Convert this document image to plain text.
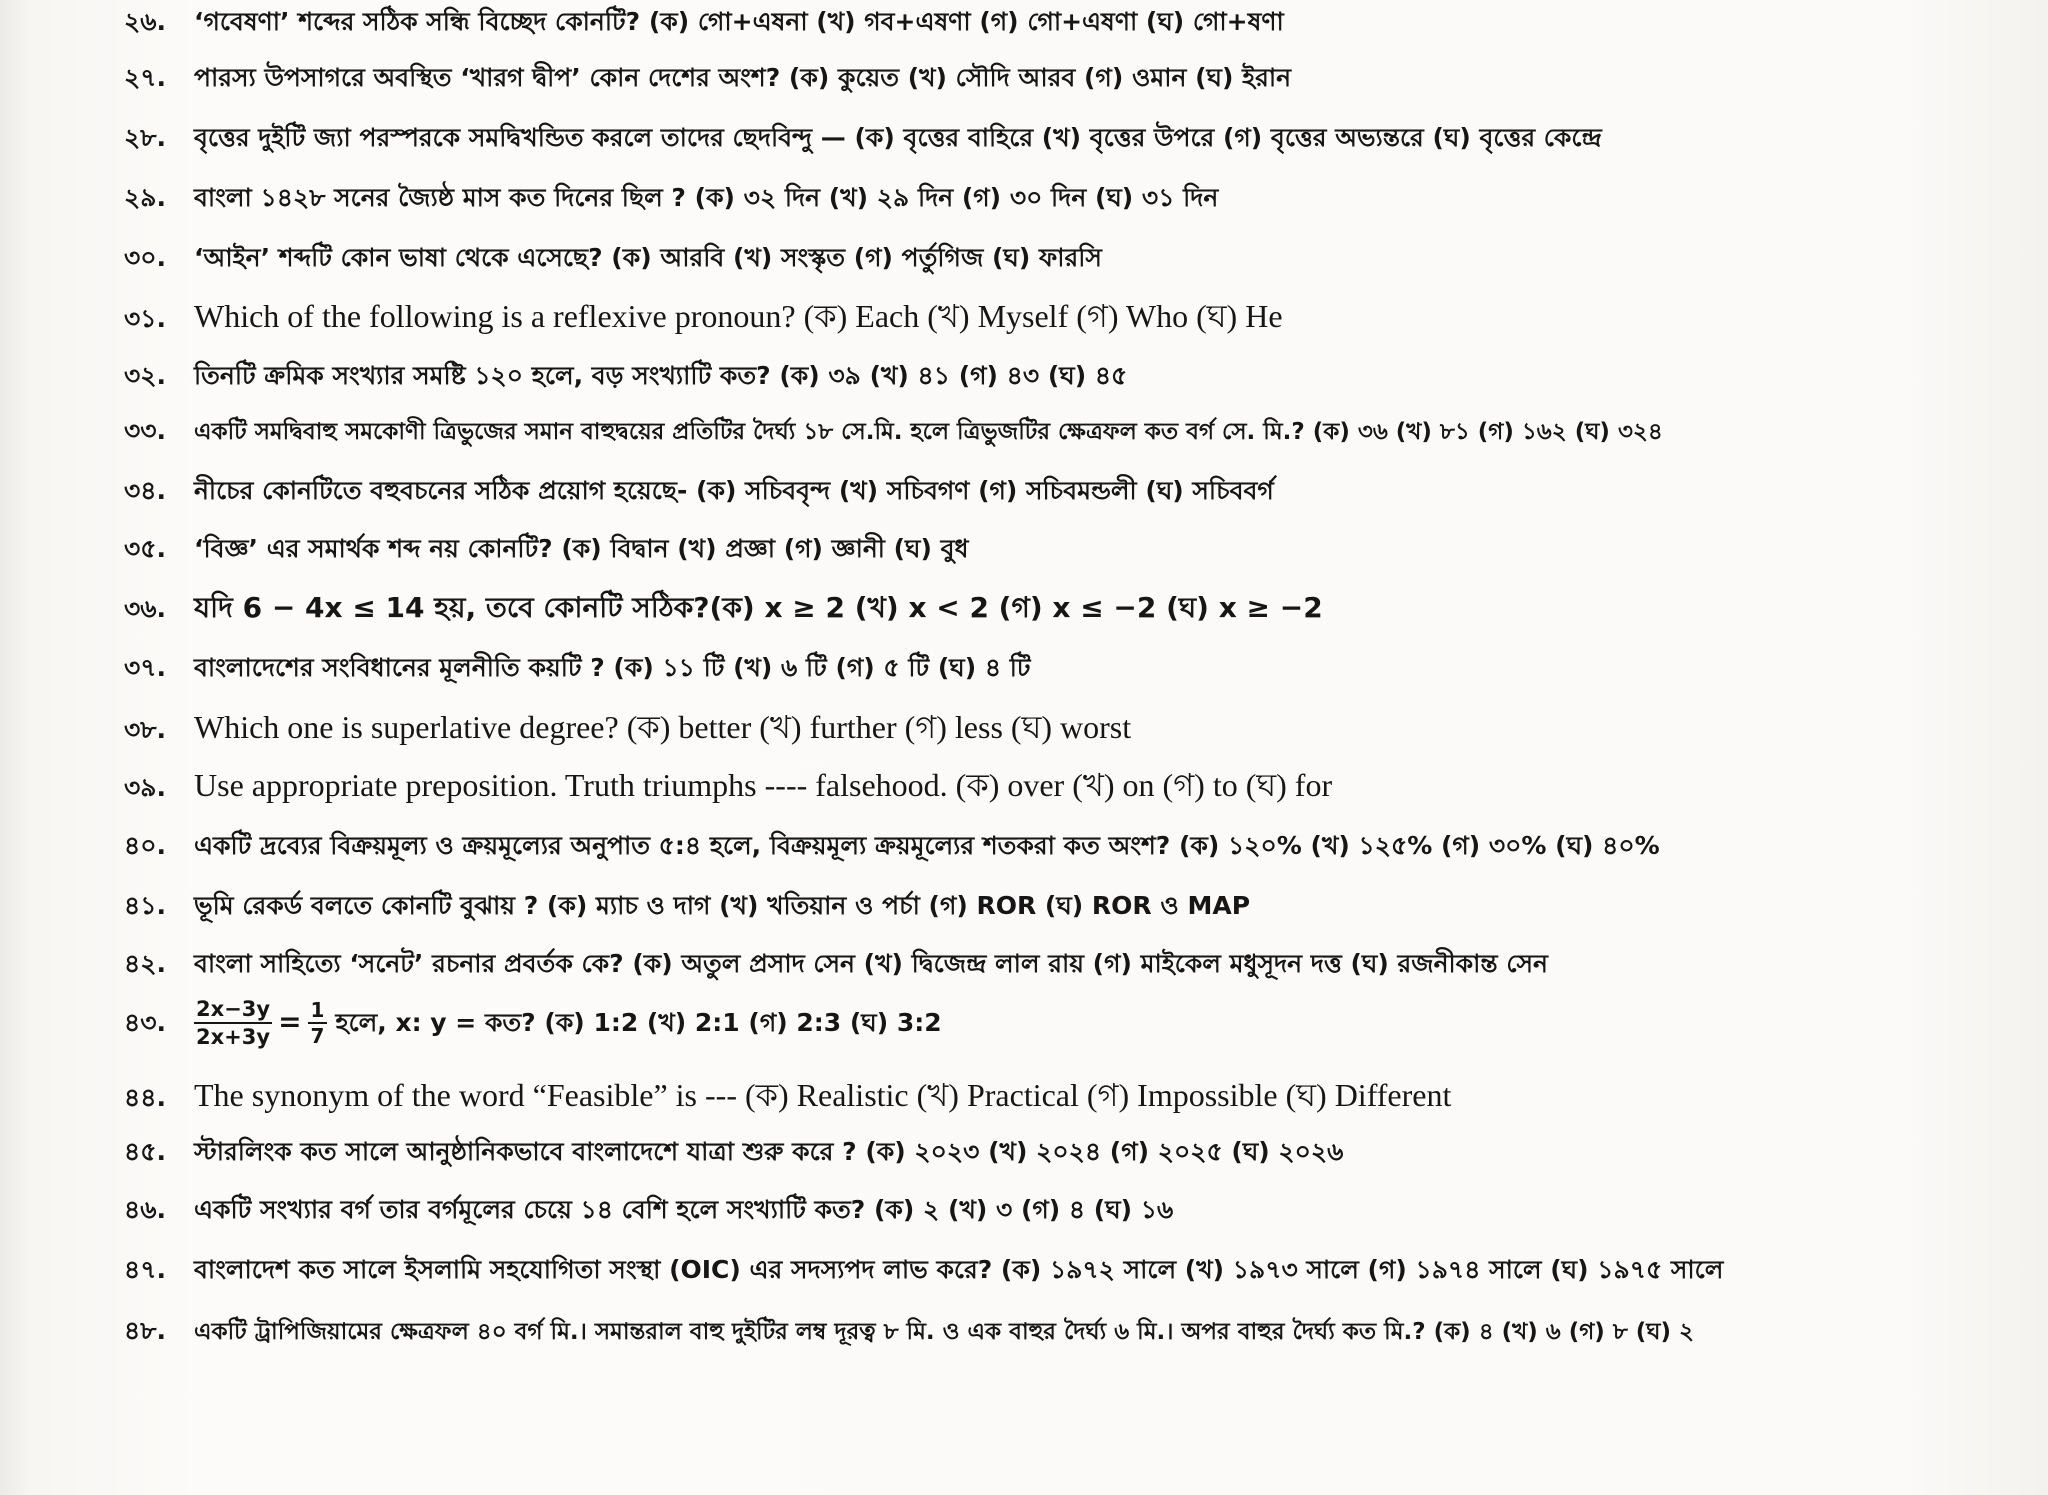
২৬. ‘গবেষণা’ শব্দের সঠিক সন্ধি বিচ্ছেদ কোনটি? (ক) গো+এষনা (খ) গব+এষণা (গ) গো+এষণা (ঘ) গো+ষণা
২৭. পারস্য উপসাগরে অবস্থিত ‘খারগ দ্বীপ’ কোন দেশের অংশ? (ক) কুয়েত (খ) সৌদি আরব (গ) ওমান (ঘ) ইরান
২৮. বৃত্তের দুইটি জ্যা পরস্পরকে সমদ্বিখন্ডিত করলে তাদের ছেদবিন্দু — (ক) বৃত্তের বাহিরে (খ) বৃত্তের উপরে (গ) বৃত্তের অভ্যন্তরে (ঘ) বৃত্তের কেন্দ্রে
২৯. বাংলা ১৪২৮ সনের জ্যৈষ্ঠ মাস কত দিনের ছিল ? (ক) ৩২ দিন (খ) ২৯ দিন (গ) ৩০ দিন (ঘ) ৩১ দিন
৩০. ‘আইন’ শব্দটি কোন ভাষা থেকে এসেছে? (ক) আরবি (খ) সংস্কৃত (গ) পর্তুগিজ (ঘ) ফারসি
৩১. Which of the following is a reflexive pronoun? (ক) Each (খ) Myself (গ) Who (ঘ) He
৩২. তিনটি ক্রমিক সংখ্যার সমষ্টি ১২০ হলে, বড় সংখ্যাটি কত? (ক) ৩৯ (খ) ৪১ (গ) ৪৩ (ঘ) ৪৫
৩৩. একটি সমদ্বিবাহু সমকোণী ত্রিভুজের সমান বাহুদ্বয়ের প্রতিটির দৈর্ঘ্য ১৮ সে.মি. হলে ত্রিভুজটির ক্ষেত্রফল কত বর্গ সে. মি.? (ক) ৩৬ (খ) ৮১ (গ) ১৬২ (ঘ) ৩২৪
৩৪. নীচের কোনটিতে বহুবচনের সঠিক প্রয়োগ হয়েছে- (ক) সচিববৃন্দ (খ) সচিবগণ (গ) সচিবমন্ডলী (ঘ) সচিববর্গ
৩৫. ‘বিজ্ঞ’ এর সমার্থক শব্দ নয় কোনটি? (ক) বিদ্বান (খ) প্রজ্ঞা (গ) জ্ঞানী (ঘ) বুধ
৩৬. যদি 6 − 4x ≤ 14 হয়, তবে কোনটি সঠিক?(ক) x ≥ 2 (খ) x < 2 (গ) x ≤ −2 (ঘ) x ≥ −2
৩৭. বাংলাদেশের সংবিধানের মূলনীতি কয়টি ? (ক) ১১ টি (খ) ৬ টি (গ) ৫ টি (ঘ) ৪ টি
৩৮. Which one is superlative degree? (ক) better (খ) further (গ) less (ঘ) worst
৩৯. Use appropriate preposition. Truth triumphs ---- falsehood. (ক) over (খ) on (গ) to (ঘ) for
৪০. একটি দ্রব্যের বিক্রয়মূল্য ও ক্রয়মূল্যের অনুপাত ৫:৪ হলে, বিক্রয়মূল্য ক্রয়মূল্যের শতকরা কত অংশ? (ক) ১২০% (খ) ১২৫% (গ) ৩০% (ঘ) ৪০%
৪১. ভূমি রেকর্ড বলতে কোনটি বুঝায় ? (ক) ম্যাচ ও দাগ (খ) খতিয়ান ও পর্চা (গ) ROR (ঘ) ROR ও MAP
৪২. বাংলা সাহিত্যে ‘সনেট’ রচনার প্রবর্তক কে? (ক) অতুল প্রসাদ সেন (খ) দ্বিজেন্দ্র লাল রায় (গ) মাইকেল মধুসূদন দত্ত (ঘ) রজনীকান্ত সেন
৪৩. $\frac{2x-3y}{2x+3y} = \frac{1}{7}$ হলে, x: y = কত? (ক) 1:2 (খ) 2:1 (গ) 2:3 (ঘ) 3:2
৪৪. The synonym of the word “Feasible” is --- (ক) Realistic (খ) Practical (গ) Impossible (ঘ) Different
৪৫. স্টারলিংক কত সালে আনুষ্ঠানিকভাবে বাংলাদেশে যাত্রা শুরু করে ? (ক) ২০২৩ (খ) ২০২৪ (গ) ২০২৫ (ঘ) ২০২৬
৪৬. একটি সংখ্যার বর্গ তার বর্গমূলের চেয়ে ১৪ বেশি হলে সংখ্যাটি কত? (ক) ২ (খ) ৩ (গ) ৪ (ঘ) ১৬
৪৭. বাংলাদেশ কত সালে ইসলামি সহযোগিতা সংস্থা (OIC) এর সদস্যপদ লাভ করে? (ক) ১৯৭২ সালে (খ) ১৯৭৩ সালে (গ) ১৯৭৪ সালে (ঘ) ১৯৭৫ সালে
৪৮. একটি ট্রাপিজিয়ামের ক্ষেত্রফল ৪০ বর্গ মি.। সমান্তরাল বাহু দুইটির লম্ব দূরত্ব ৮ মি. ও এক বাহুর দৈর্ঘ্য ৬ মি.। অপর বাহুর দৈর্ঘ্য কত মি.? (ক) ৪ (খ) ৬ (গ) ৮ (ঘ) ২
